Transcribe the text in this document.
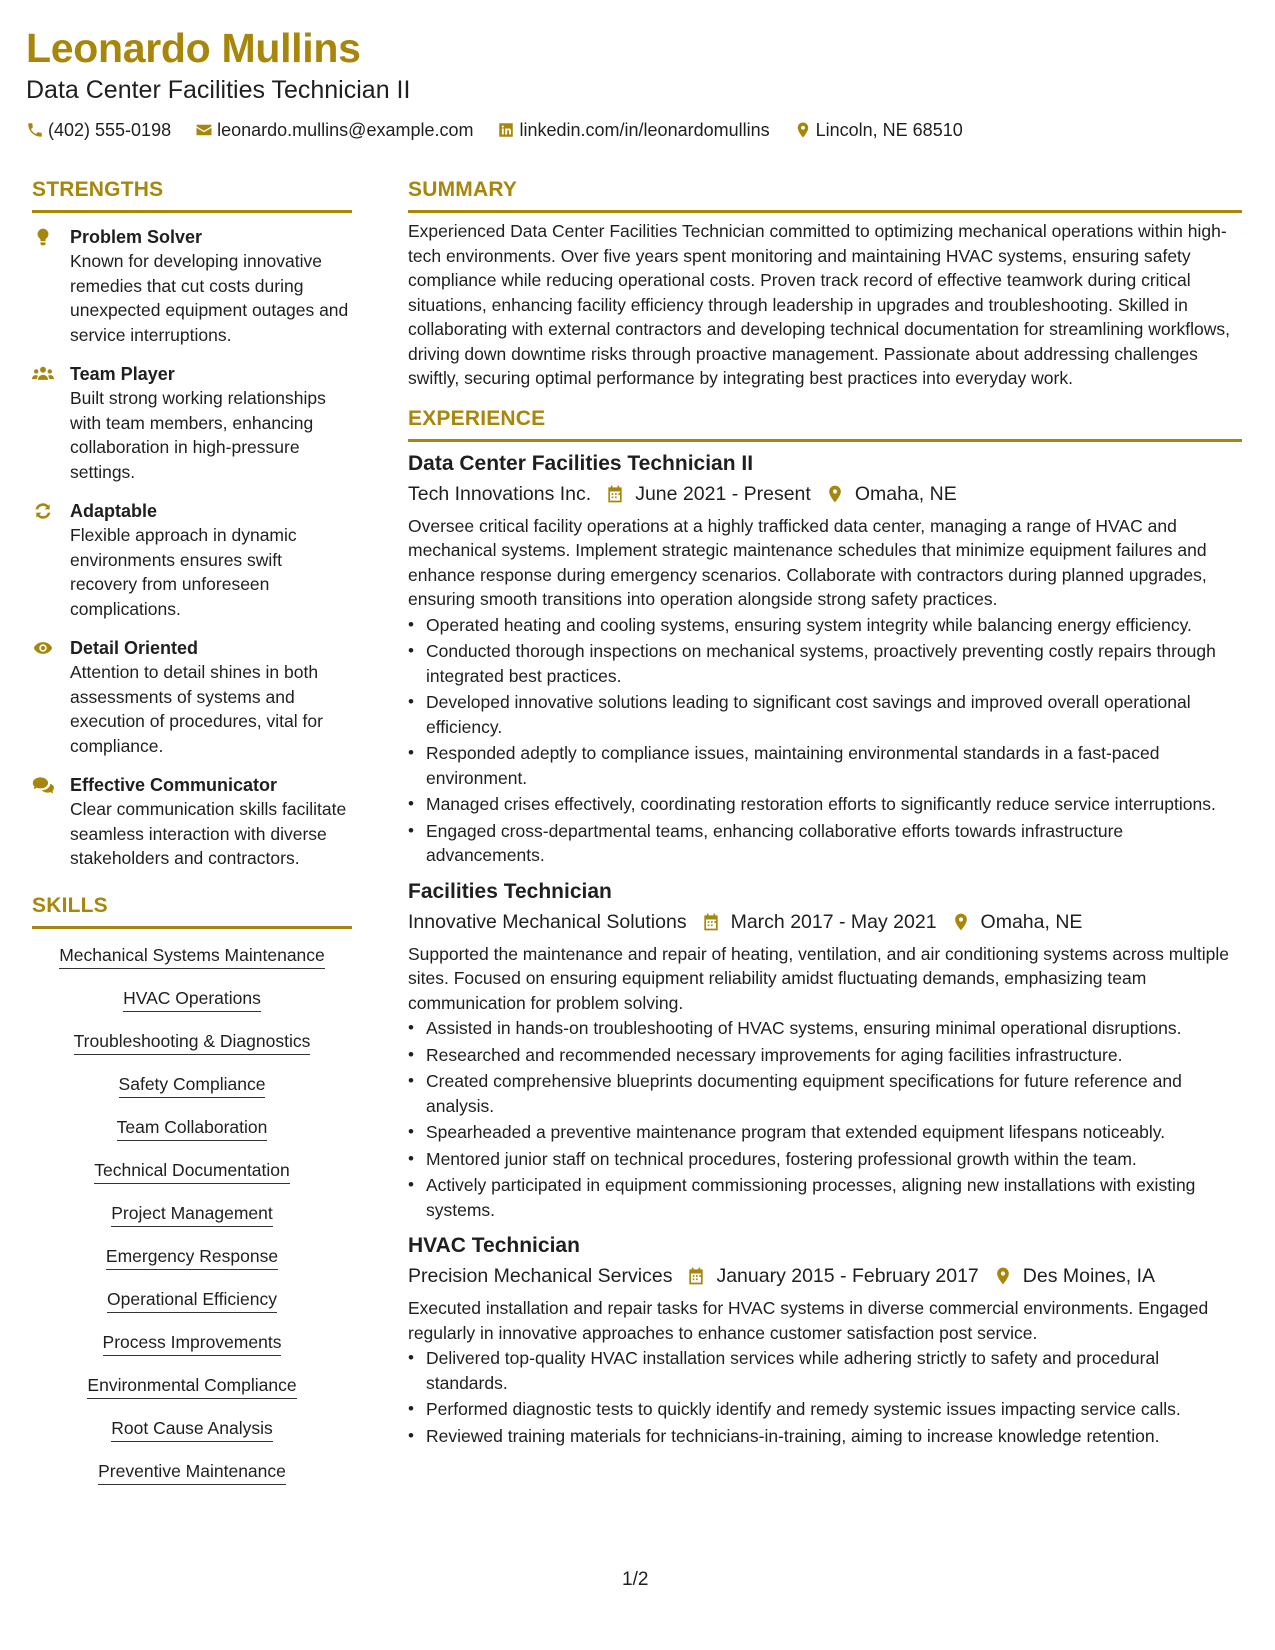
Leonardo Mullins
Data Center Facilities Technician II
(402) 555-0198	leonardo.mullins@example.com	linkedin.com/in/leonardomullins	Lincoln, NE 68510
STRENGTHS
Problem Solver
Known for developing innovative remedies that cut costs during unexpected equipment outages and service interruptions.
Team Player
Built strong working relationships with team members, enhancing collaboration in high-pressure settings.
Adaptable
Flexible approach in dynamic environments ensures swift recovery from unforeseen complications.
Detail Oriented
Attention to detail shines in both assessments of systems and execution of procedures, vital for compliance.
Effective Communicator
Clear communication skills facilitate seamless interaction with diverse stakeholders and contractors.
SKILLS
Mechanical Systems Maintenance
HVAC Operations
Troubleshooting & Diagnostics
Safety Compliance
Team Collaboration
Technical Documentation
Project Management
Emergency Response
Operational Efficiency
Process Improvements
Environmental Compliance
Root Cause Analysis
Preventive Maintenance
SUMMARY
Experienced Data Center Facilities Technician committed to optimizing mechanical operations within high-tech environments. Over five years spent monitoring and maintaining HVAC systems, ensuring safety compliance while reducing operational costs. Proven track record of effective teamwork during critical situations, enhancing facility efficiency through leadership in upgrades and troubleshooting. Skilled in collaborating with external contractors and developing technical documentation for streamlining workflows, driving down downtime risks through proactive management. Passionate about addressing challenges swiftly, securing optimal performance by integrating best practices into everyday work.
EXPERIENCE
Data Center Facilities Technician II
Tech Innovations Inc. June 2021 - Present Omaha, NE
Oversee critical facility operations at a highly trafficked data center, managing a range of HVAC and mechanical systems. Implement strategic maintenance schedules that minimize equipment failures and enhance response during emergency scenarios. Collaborate with contractors during planned upgrades, ensuring smooth transitions into operation alongside strong safety practices.
• Operated heating and cooling systems, ensuring system integrity while balancing energy efficiency.
• Conducted thorough inspections on mechanical systems, proactively preventing costly repairs through integrated best practices.
• Developed innovative solutions leading to significant cost savings and improved overall operational efficiency.
• Responded adeptly to compliance issues, maintaining environmental standards in a fast-paced environment.
• Managed crises effectively, coordinating restoration efforts to significantly reduce service interruptions.
• Engaged cross-departmental teams, enhancing collaborative efforts towards infrastructure advancements.
Facilities Technician
Innovative Mechanical Solutions March 2017 - May 2021 Omaha, NE
Supported the maintenance and repair of heating, ventilation, and air conditioning systems across multiple sites. Focused on ensuring equipment reliability amidst fluctuating demands, emphasizing team communication for problem solving.
• Assisted in hands-on troubleshooting of HVAC systems, ensuring minimal operational disruptions.
• Researched and recommended necessary improvements for aging facilities infrastructure.
• Created comprehensive blueprints documenting equipment specifications for future reference and analysis.
• Spearheaded a preventive maintenance program that extended equipment lifespans noticeably.
• Mentored junior staff on technical procedures, fostering professional growth within the team.
• Actively participated in equipment commissioning processes, aligning new installations with existing systems.
HVAC Technician
Precision Mechanical Services January 2015 - February 2017 Des Moines, IA
Executed installation and repair tasks for HVAC systems in diverse commercial environments. Engaged regularly in innovative approaches to enhance customer satisfaction post service.
• Delivered top-quality HVAC installation services while adhering strictly to safety and procedural standards.
• Performed diagnostic tests to quickly identify and remedy systemic issues impacting service calls.
• Reviewed training materials for technicians-in-training, aiming to increase knowledge retention.
1/2
